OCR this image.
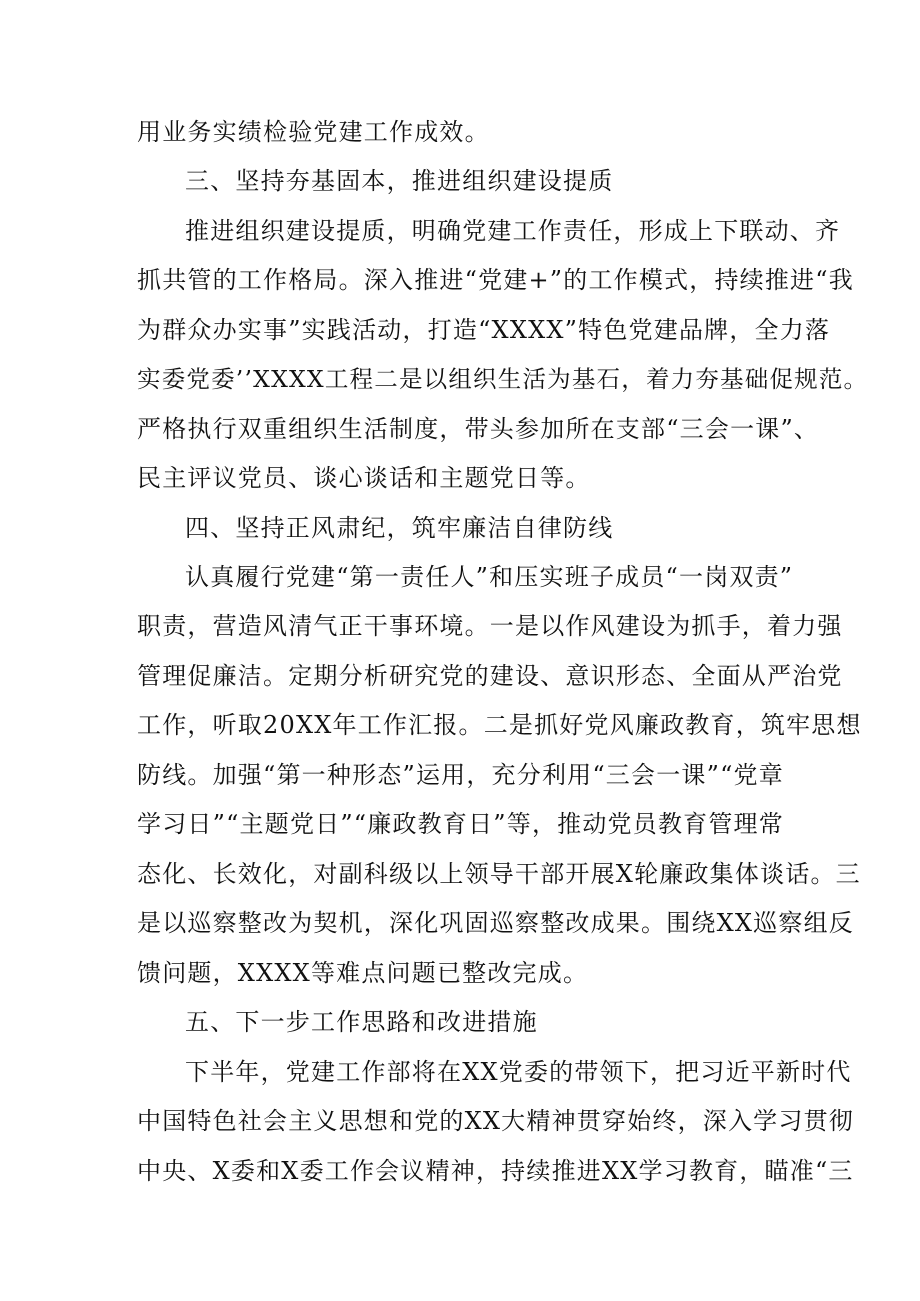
用业务实绩检验党建工作成效。
三、坚持夯基固本，推进组织建设提质
推进组织建设提质，明确党建工作责任，形成上下联动、齐
抓共管的工作格局。深入推进“党建+”的工作模式，持续推进“我
为群众办实事”实践活动，打造“XXXX”特色党建品牌，全力落
实委党委’’XXXX工程二是以组织生活为基石，着力夯基础促规范。
严格执行双重组织生活制度，带头参加所在支部“三会一课”、
民主评议党员、谈心谈话和主题党日等。
四、坚持正风肃纪，筑牢廉洁自律防线
认真履行党建“第一责任人”和压实班子成员“一岗双责”
职责，营造风清气正干事环境。一是以作风建设为抓手，着力强
管理促廉洁。定期分析研究党的建设、意识形态、全面从严治党
工作，听取20XX年工作汇报。二是抓好党风廉政教育，筑牢思想
防线。加强“第一种形态”运用，充分利用“三会一课”“党章
学习日”“主题党日”“廉政教育日”等，推动党员教育管理常
态化、长效化，对副科级以上领导干部开展X轮廉政集体谈话。三
是以巡察整改为契机，深化巩固巡察整改成果。围绕XX巡察组反
馈问题，XXXX等难点问题已整改完成。
五、下一步工作思路和改进措施
下半年，党建工作部将在XX党委的带领下，把习近平新时代
中国特色社会主义思想和党的XX大精神贯穿始终，深入学习贯彻
中央、X委和X委工作会议精神，持续推进XX学习教育，瞄准“三
